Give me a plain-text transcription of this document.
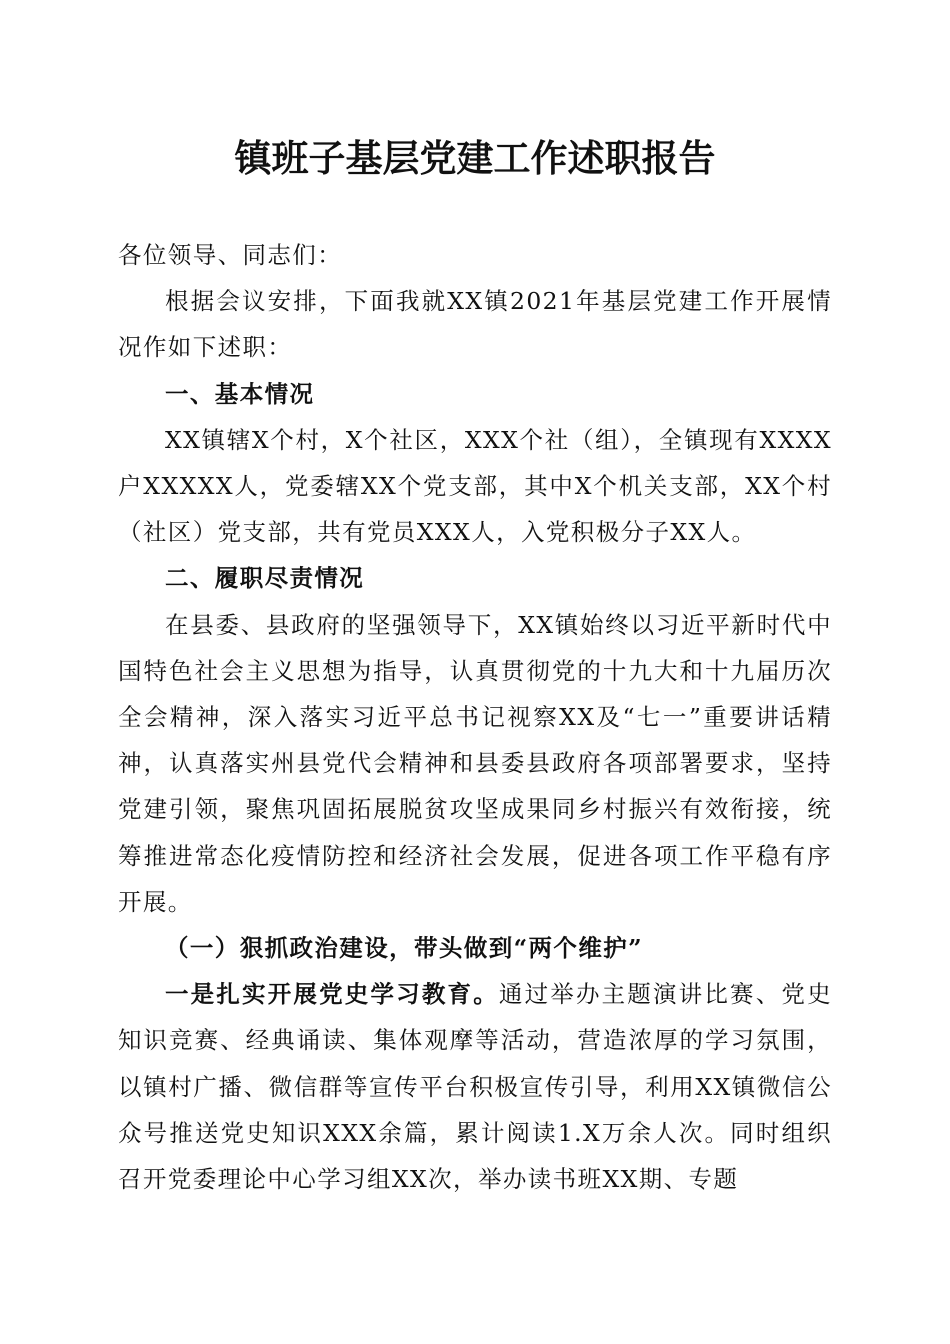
镇班子基层党建工作述职报告

各位领导、同志们：

根据会议安排，下面我就XX镇2021年基层党建工作开展情况作如下述职：

一、基本情况

XX镇辖X个村，X个社区，XXX个社（组），全镇现有XXXX户XXXXX人，党委辖XX个党支部，其中X个机关支部，XX个村（社区）党支部，共有党员XXX人，入党积极分子XX人。

二、履职尽责情况

在县委、县政府的坚强领导下，XX镇始终以习近平新时代中国特色社会主义思想为指导，认真贯彻党的十九大和十九届历次全会精神，深入落实习近平总书记视察XX及“七一”重要讲话精神，认真落实州县党代会精神和县委县政府各项部署要求，坚持党建引领，聚焦巩固拓展脱贫攻坚成果同乡村振兴有效衔接，统筹推进常态化疫情防控和经济社会发展，促进各项工作平稳有序开展。

（一）狠抓政治建设，带头做到“两个维护”

一是扎实开展党史学习教育。通过举办主题演讲比赛、党史知识竞赛、经典诵读、集体观摩等活动，营造浓厚的学习氛围，以镇村广播、微信群等宣传平台积极宣传引导，利用XX镇微信公众号推送党史知识XXX余篇，累计阅读1.X万余人次。同时组织召开党委理论中心学习组XX次，举办读书班XX期、专题
